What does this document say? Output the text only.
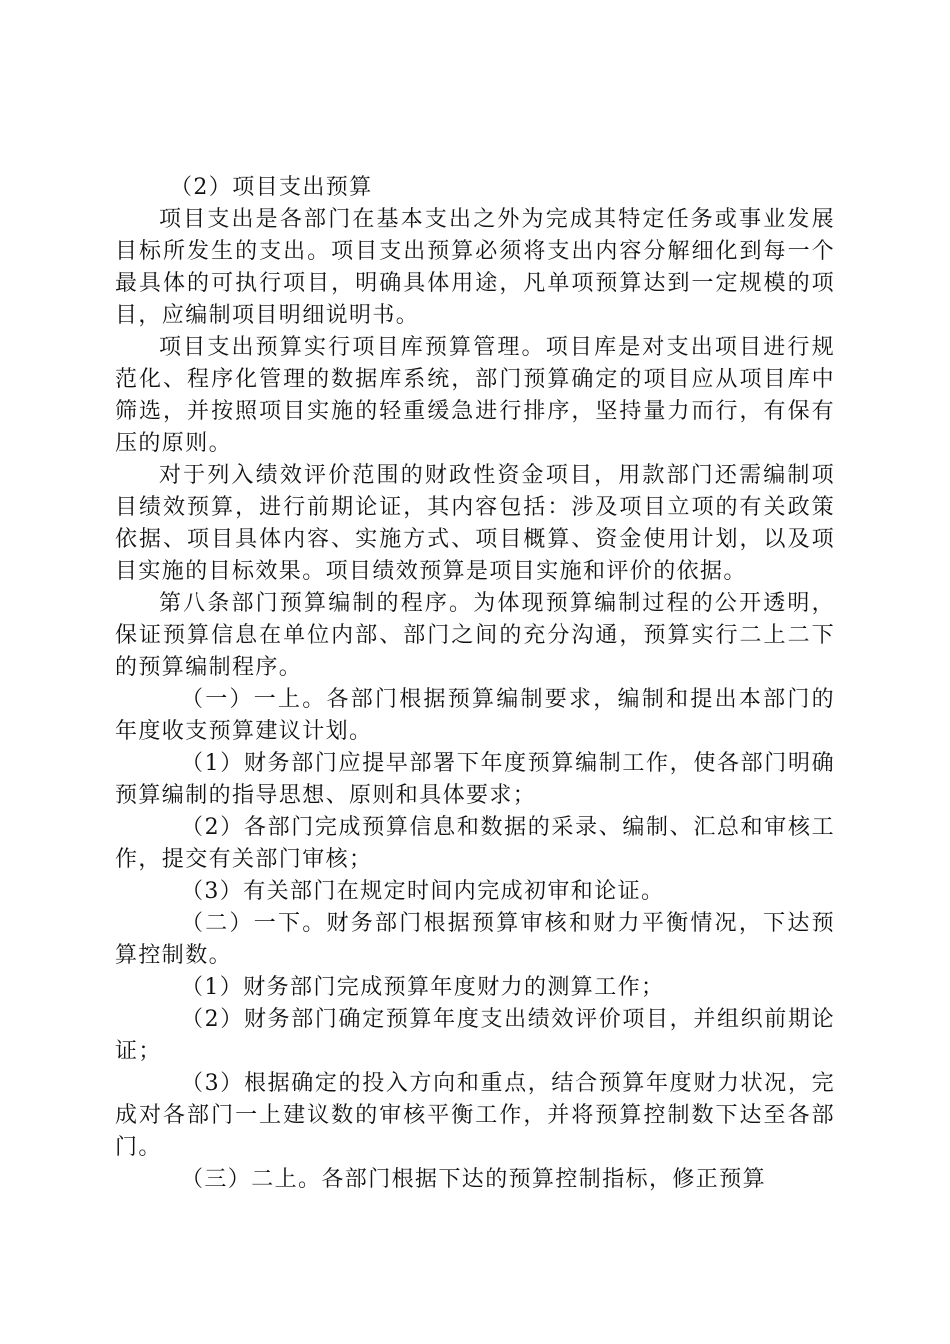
（2）项目支出预算

项目支出是各部门在基本支出之外为完成其特定任务或事业发展目标所发生的支出。项目支出预算必须将支出内容分解细化到每一个最具体的可执行项目，明确具体用途，凡单项预算达到一定规模的项目，应编制项目明细说明书。

项目支出预算实行项目库预算管理。项目库是对支出项目进行规范化、程序化管理的数据库系统，部门预算确定的项目应从项目库中筛选，并按照项目实施的轻重缓急进行排序，坚持量力而行，有保有压的原则。

对于列入绩效评价范围的财政性资金项目，用款部门还需编制项目绩效预算，进行前期论证，其内容包括：涉及项目立项的有关政策依据、项目具体内容、实施方式、项目概算、资金使用计划，以及项目实施的目标效果。项目绩效预算是项目实施和评价的依据。

第八条部门预算编制的程序。为体现预算编制过程的公开透明，保证预算信息在单位内部、部门之间的充分沟通，预算实行二上二下的预算编制程序。

（一）一上。各部门根据预算编制要求，编制和提出本部门的年度收支预算建议计划。

（1）财务部门应提早部署下年度预算编制工作，使各部门明确预算编制的指导思想、原则和具体要求；

（2）各部门完成预算信息和数据的采录、编制、汇总和审核工作，提交有关部门审核；

（3）有关部门在规定时间内完成初审和论证。

（二）一下。财务部门根据预算审核和财力平衡情况，下达预算控制数。

（1）财务部门完成预算年度财力的测算工作；

（2）财务部门确定预算年度支出绩效评价项目，并组织前期论证；

（3）根据确定的投入方向和重点，结合预算年度财力状况，完成对各部门一上建议数的审核平衡工作，并将预算控制数下达至各部门。

（三）二上。各部门根据下达的预算控制指标，修正预算
